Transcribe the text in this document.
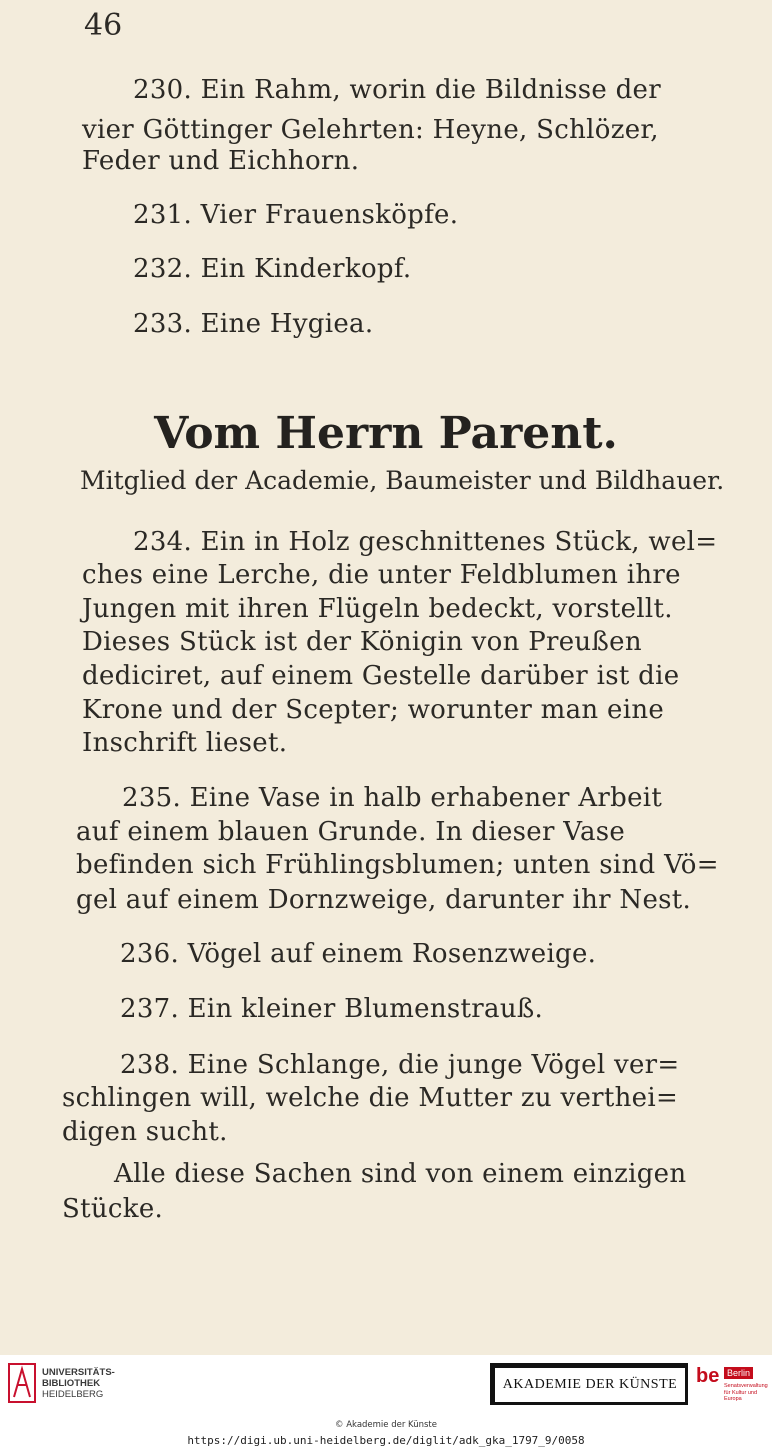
46
230. Ein Rahm, worin die Bildnisse der
vier Göttinger Gelehrten: Heyne, Schlözer,
Feder und Eichhorn.
231. Vier Frauensköpfe.
232. Ein Kinderkopf.
233. Eine Hygiea.
Vom Herrn Parent.
Mitglied der Academie, Baumeister und Bildhauer.
234. Ein in Holz geschnittenes Stück, wel=
ches eine Lerche, die unter Feldblumen ihre
Jungen mit ihren Flügeln bedeckt, vorstellt.
Dieses Stück ist der Königin von Preußen
dediciret, auf einem Gestelle darüber ist die
Krone und der Scepter; worunter man eine
Inschrift lieset.
235. Eine Vase in halb erhabener Arbeit
auf einem blauen Grunde. In dieser Vase
befinden sich Frühlingsblumen; unten sind Vö=
gel auf einem Dornzweige, darunter ihr Nest.
236. Vögel auf einem Rosenzweige.
237. Ein kleiner Blumenstrauß.
238. Eine Schlange, die junge Vögel ver=
schlingen will, welche die Mutter zu verthei=
digen sucht.
Alle diese Sachen sind von einem einzigen
Stücke.
UNIVERSITÄTS-
BIBLIOTHEK
HEIDELBERG
AKADEMIE DER KÜNSTE be Berlin
Senatsverwaltung
für Kultur und Europa
© Akademie der Künste
https://digi.ub.uni-heidelberg.de/diglit/adk_gka_1797_9/0058
